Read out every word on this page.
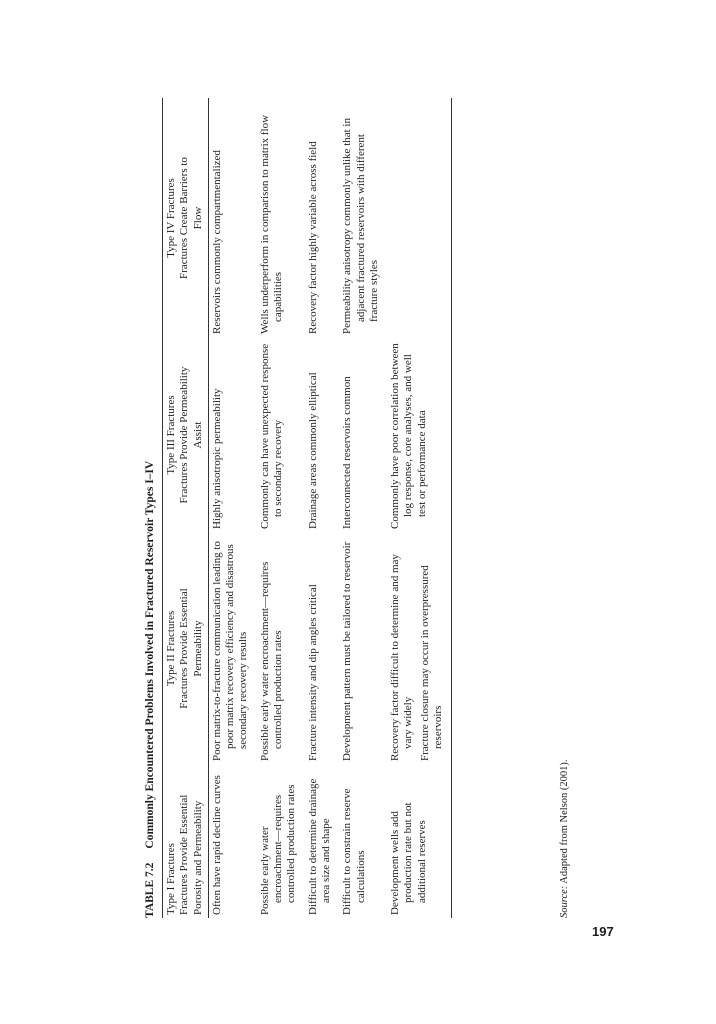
TABLE 7.2Commonly Encountered Problems Involved in Fractured Reservoir Types I–IV
Type I Fractures Fractures Provide Essential Porosity and Permeability	Type II Fractures Fractures Provide Essential Permeability	Type III Fractures Fractures Provide Permeability Assist	Type IV Fractures Fractures Create Barriers to Flow

Often have rapid decline curves	Poor matrix-to-fracture communication leading to poor matrix recovery efficiency and disastrous secondary recovery results	Highly anisotropic permeability	Reservoirs commonly compartmentalized

Possible early water encroachment—requires controlled production rates	Possible early water encroachment—requires controlled production rates	Commonly can have unexpected response to secondary recovery	Wells underperform in comparison to matrix flow capabilities

Difficult to determine drainage area size and shape	Fracture intensity and dip angles critical	Drainage areas commonly elliptical	Recovery factor highly variable across field

Difficult to constrain reserve calculations	Development pattern must be tailored to reservoir	Interconnected reservoirs common	Permeability anisotropy commonly unlike that in adjacent fractured reservoirs with different fracture styles

Development wells add production rate but not additional reserves	Recovery factor difficult to determine and may vary widely Fracture closure may occur in overpressured reservoirs	Commonly have poor correlation between log response, core analyses, and well test or performance data	

Source: Adapted from Nelson (2001).
197
